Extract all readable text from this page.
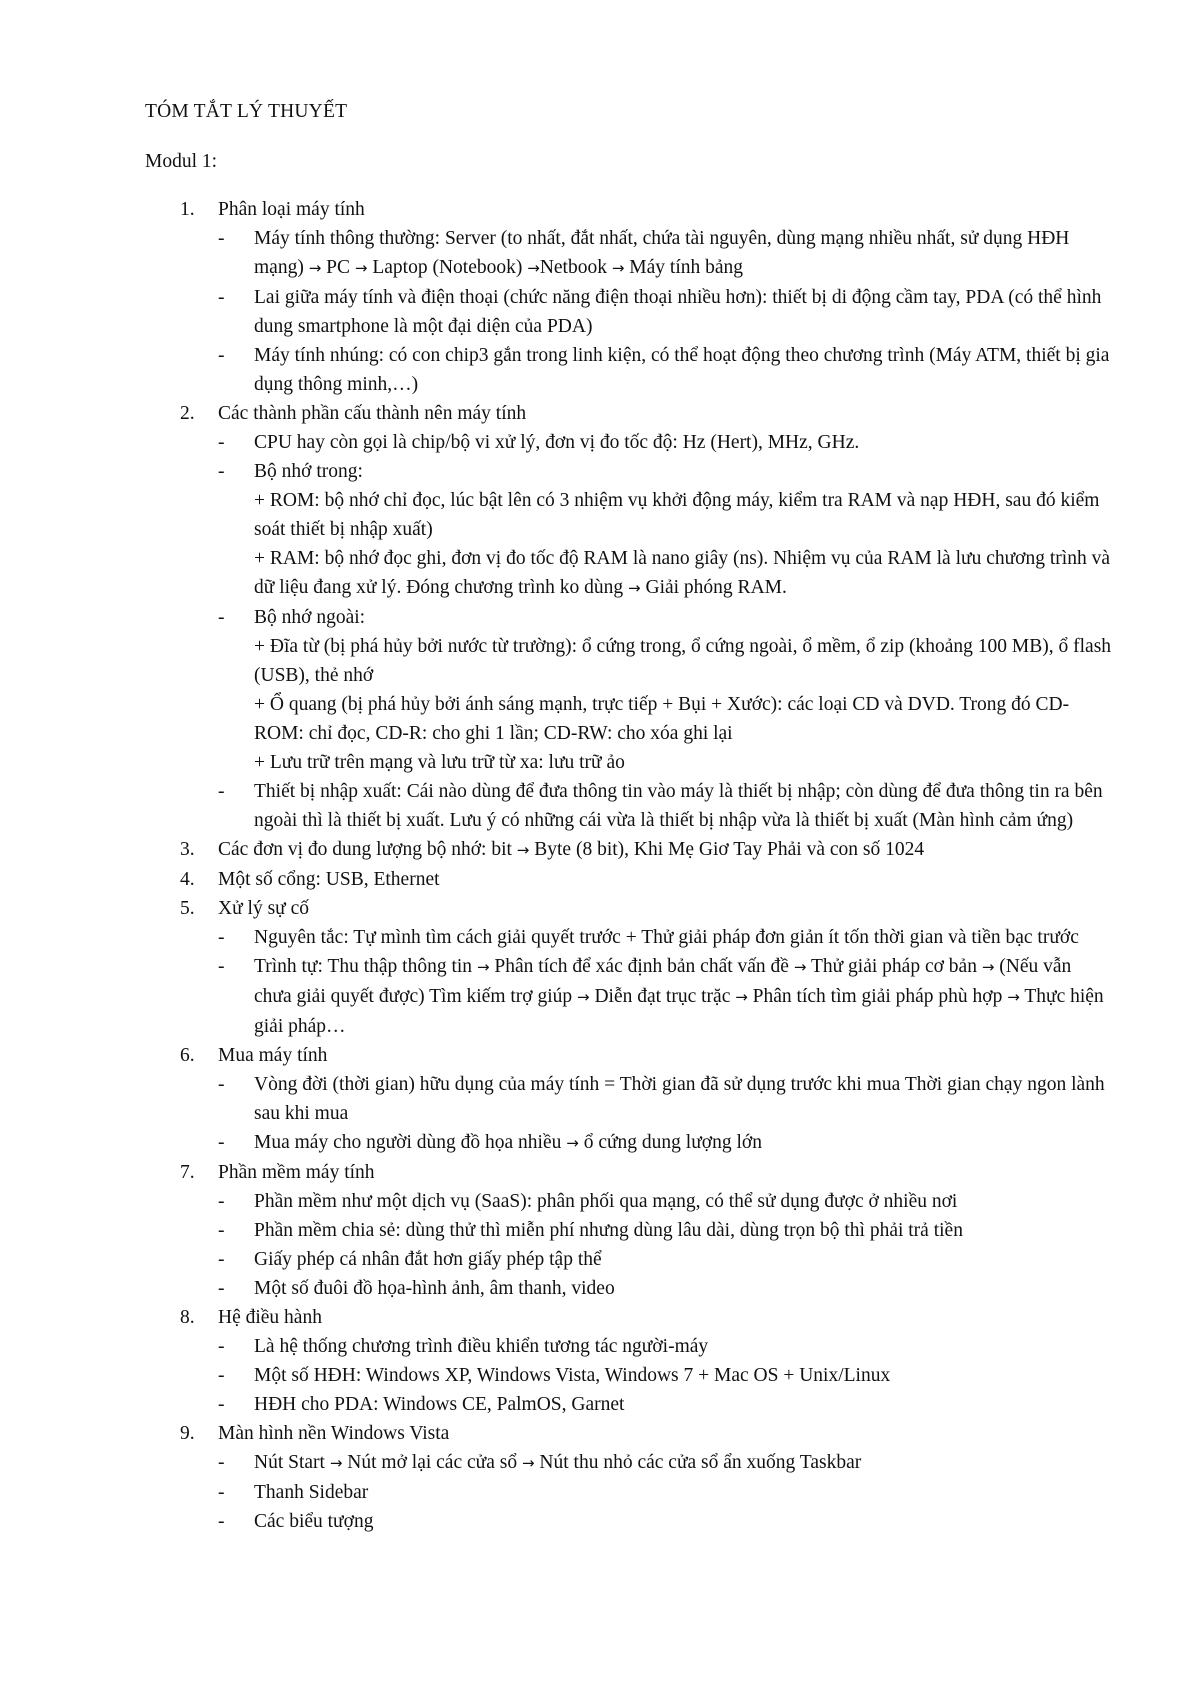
TÓM TẮT LÝ THUYẾT
Modul 1:
1.	Phân loại máy tính
-	Máy tính thông thường: Server (to nhất, đắt nhất, chứa tài nguyên, dùng mạng nhiều nhất, sử dụng HĐH mạng) → PC → Laptop (Notebook) →Netbook → Máy tính bảng
-	Lai giữa máy tính và điện thoại (chức năng điện thoại nhiều hơn): thiết bị di động cầm tay, PDA (có thể hình dung smartphone là một đại diện của PDA)
-	Máy tính nhúng: có con chip3 gắn trong linh kiện, có thể hoạt động theo chương trình (Máy ATM, thiết bị gia dụng thông minh,…)
2.	Các thành phần cấu thành nên máy tính
-	CPU hay còn gọi là chip/bộ vi xử lý, đơn vị đo tốc độ: Hz (Hert), MHz, GHz.
-	Bộ nhớ trong:
+ ROM: bộ nhớ chỉ đọc, lúc bật lên có 3 nhiệm vụ khởi động máy, kiểm tra RAM và nạp HĐH, sau đó kiểm soát thiết bị nhập xuất)
+ RAM: bộ nhớ đọc ghi, đơn vị đo tốc độ RAM là nano giây (ns). Nhiệm vụ của RAM là lưu chương trình và dữ liệu đang xử lý. Đóng chương trình ko dùng → Giải phóng RAM.
-	Bộ nhớ ngoài:
+ Đĩa từ (bị phá hủy bởi nước từ trường): ổ cứng trong, ổ cứng ngoài, ổ mềm, ổ zip (khoảng 100 MB), ổ flash (USB), thẻ nhớ
+ Ổ quang (bị phá hủy bởi ánh sáng mạnh, trực tiếp + Bụi + Xước): các loại CD và DVD. Trong đó CD-ROM: chỉ đọc, CD-R: cho ghi 1 lần; CD-RW: cho xóa ghi lại
+ Lưu trữ trên mạng và lưu trữ từ xa: lưu trữ ảo
-	Thiết bị nhập xuất: Cái nào dùng để đưa thông tin vào máy là thiết bị nhập; còn dùng để đưa thông tin ra bên ngoài thì là thiết bị xuất. Lưu ý có những cái vừa là thiết bị nhập vừa là thiết bị xuất (Màn hình cảm ứng)
3.	Các đơn vị đo dung lượng bộ nhớ: bit → Byte (8 bit), Khi Mẹ Giơ Tay Phải và con số 1024
4.	Một số cổng: USB, Ethernet
5.	Xử lý sự cố
-	Nguyên tắc: Tự mình tìm cách giải quyết trước + Thử giải pháp đơn giản ít tốn thời gian và tiền bạc trước
-	Trình tự: Thu thập thông tin → Phân tích để xác định bản chất vấn đề → Thử giải pháp cơ bản → (Nếu vẫn chưa giải quyết được) Tìm kiếm trợ giúp → Diễn đạt trục trặc → Phân tích tìm giải pháp phù hợp → Thực hiện giải pháp…
6.	Mua máy tính
-	Vòng đời (thời gian) hữu dụng của máy tính = Thời gian đã sử dụng trước khi mua Thời gian chạy ngon lành sau khi mua
-	Mua máy cho người dùng đồ họa nhiều → ổ cứng dung lượng lớn
7.	Phần mềm máy tính
-	Phần mềm như một dịch vụ (SaaS): phân phối qua mạng, có thể sử dụng được ở nhiều nơi
-	Phần mềm chia sẻ: dùng thử thì miễn phí nhưng dùng lâu dài, dùng trọn bộ thì phải trả tiền
-	Giấy phép cá nhân đắt hơn giấy phép tập thể
-	Một số đuôi đồ họa-hình ảnh, âm thanh, video
8.	Hệ điều hành
-	Là hệ thống chương trình điều khiển tương tác người-máy
-	Một số HĐH: Windows XP, Windows Vista, Windows 7 + Mac OS + Unix/Linux
-	HĐH cho PDA: Windows CE, PalmOS, Garnet
9.	Màn hình nền Windows Vista
-	Nút Start → Nút mở lại các cửa sổ → Nút thu nhỏ các cửa sổ ẩn xuống Taskbar
-	Thanh Sidebar
-	Các biểu tượng
